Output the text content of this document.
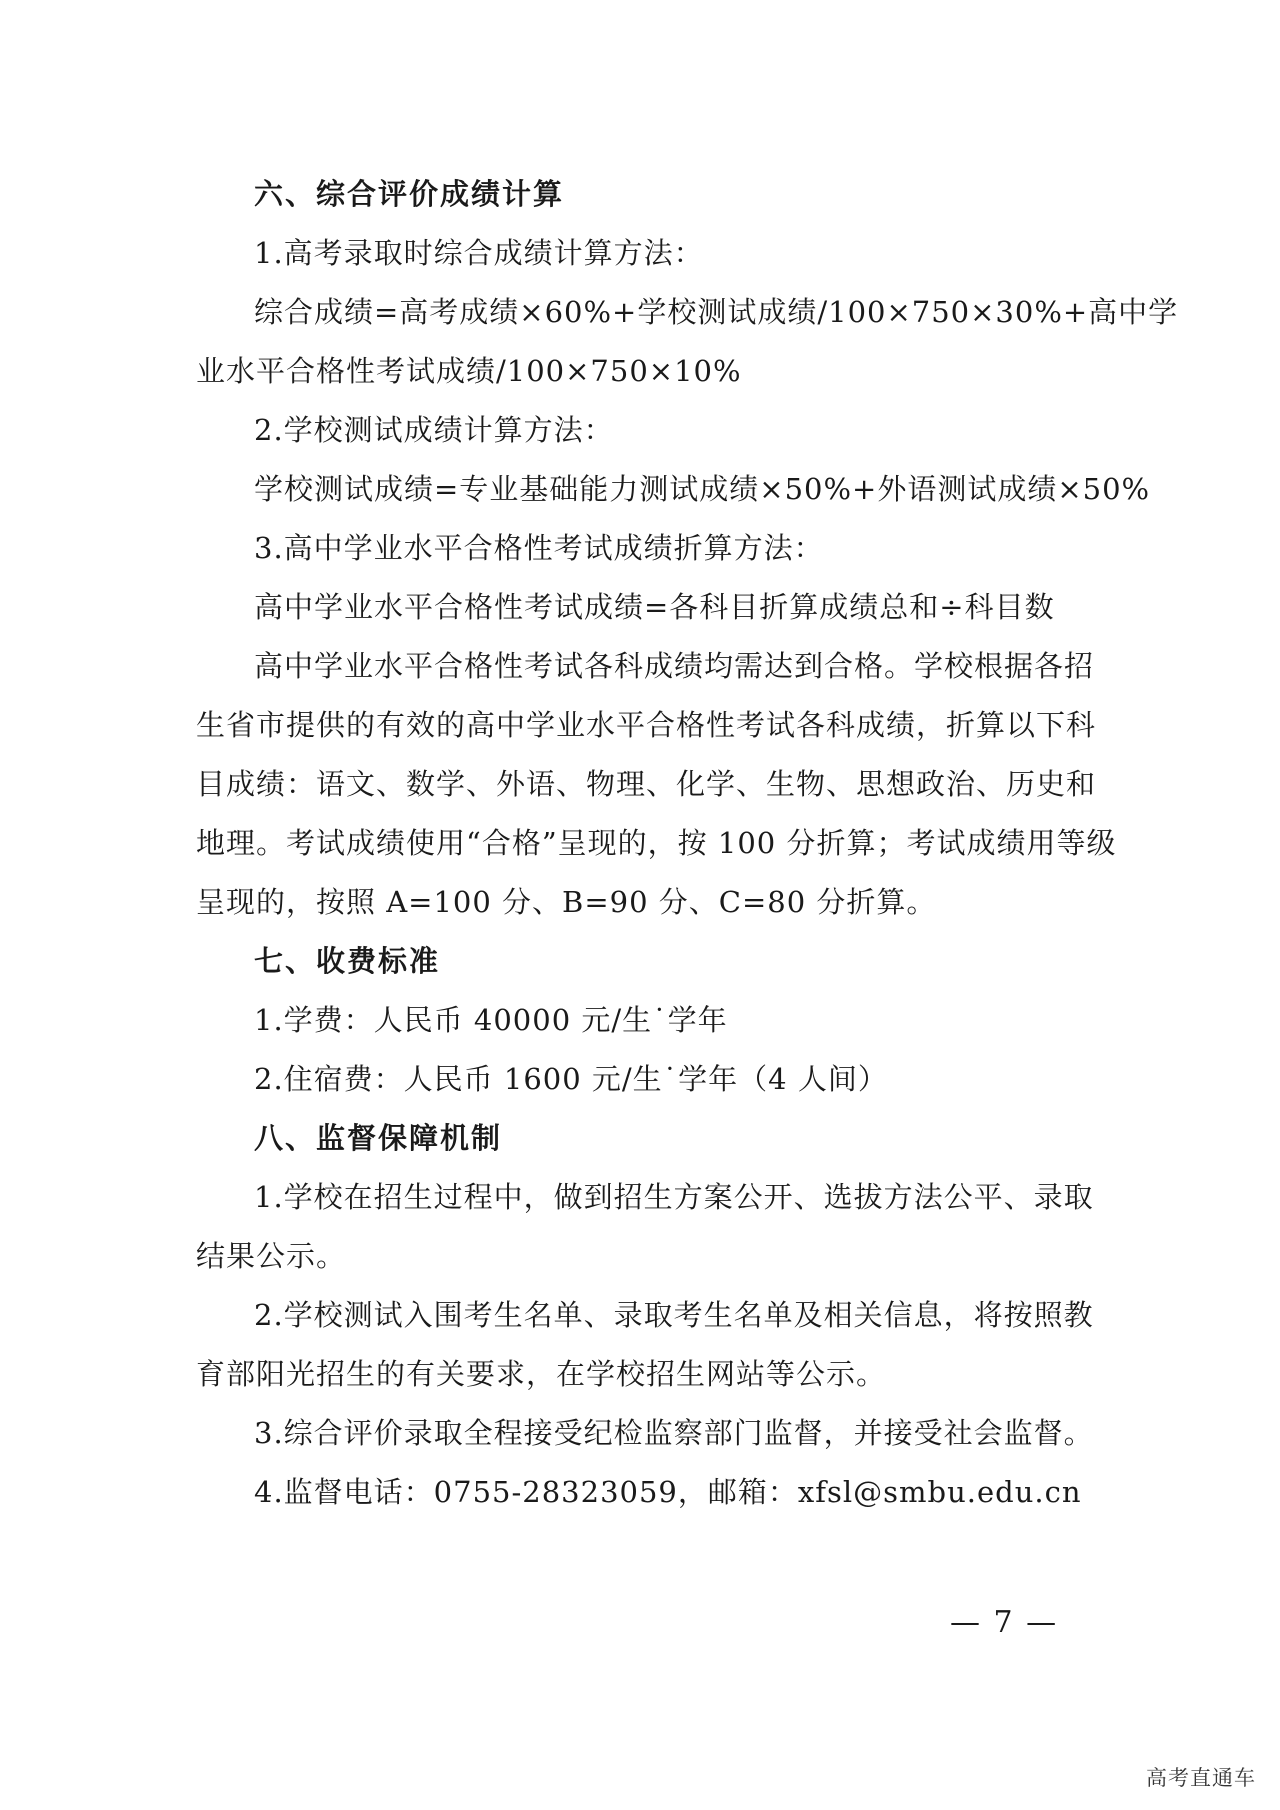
六、综合评价成绩计算
1.高考录取时综合成绩计算方法：
综合成绩=高考成绩×60%+学校测试成绩/100×750×30%+高中学
业水平合格性考试成绩/100×750×10%
2.学校测试成绩计算方法：
学校测试成绩=专业基础能力测试成绩×50%+外语测试成绩×50%
3.高中学业水平合格性考试成绩折算方法：
高中学业水平合格性考试成绩=各科目折算成绩总和÷科目数
高中学业水平合格性考试各科成绩均需达到合格。学校根据各招
生省市提供的有效的高中学业水平合格性考试各科成绩，折算以下科
目成绩：语文、数学、外语、物理、化学、生物、思想政治、历史和
地理。考试成绩使用“合格”呈现的，按 100 分折算；考试成绩用等级
呈现的，按照 A=100 分、B=90 分、C=80 分折算。
七、收费标准
1.学费：人民币 40000 元/生˙学年
2.住宿费：人民币 1600 元/生˙学年（4 人间）
八、监督保障机制
1.学校在招生过程中，做到招生方案公开、选拔方法公平、录取
结果公示。
2.学校测试入围考生名单、录取考生名单及相关信息，将按照教
育部阳光招生的有关要求，在学校招生网站等公示。
3.综合评价录取全程接受纪检监察部门监督，并接受社会监督。
4.监督电话：0755-28323059，邮箱：xfsl@smbu.edu.cn
— 7 —
高考直通车
